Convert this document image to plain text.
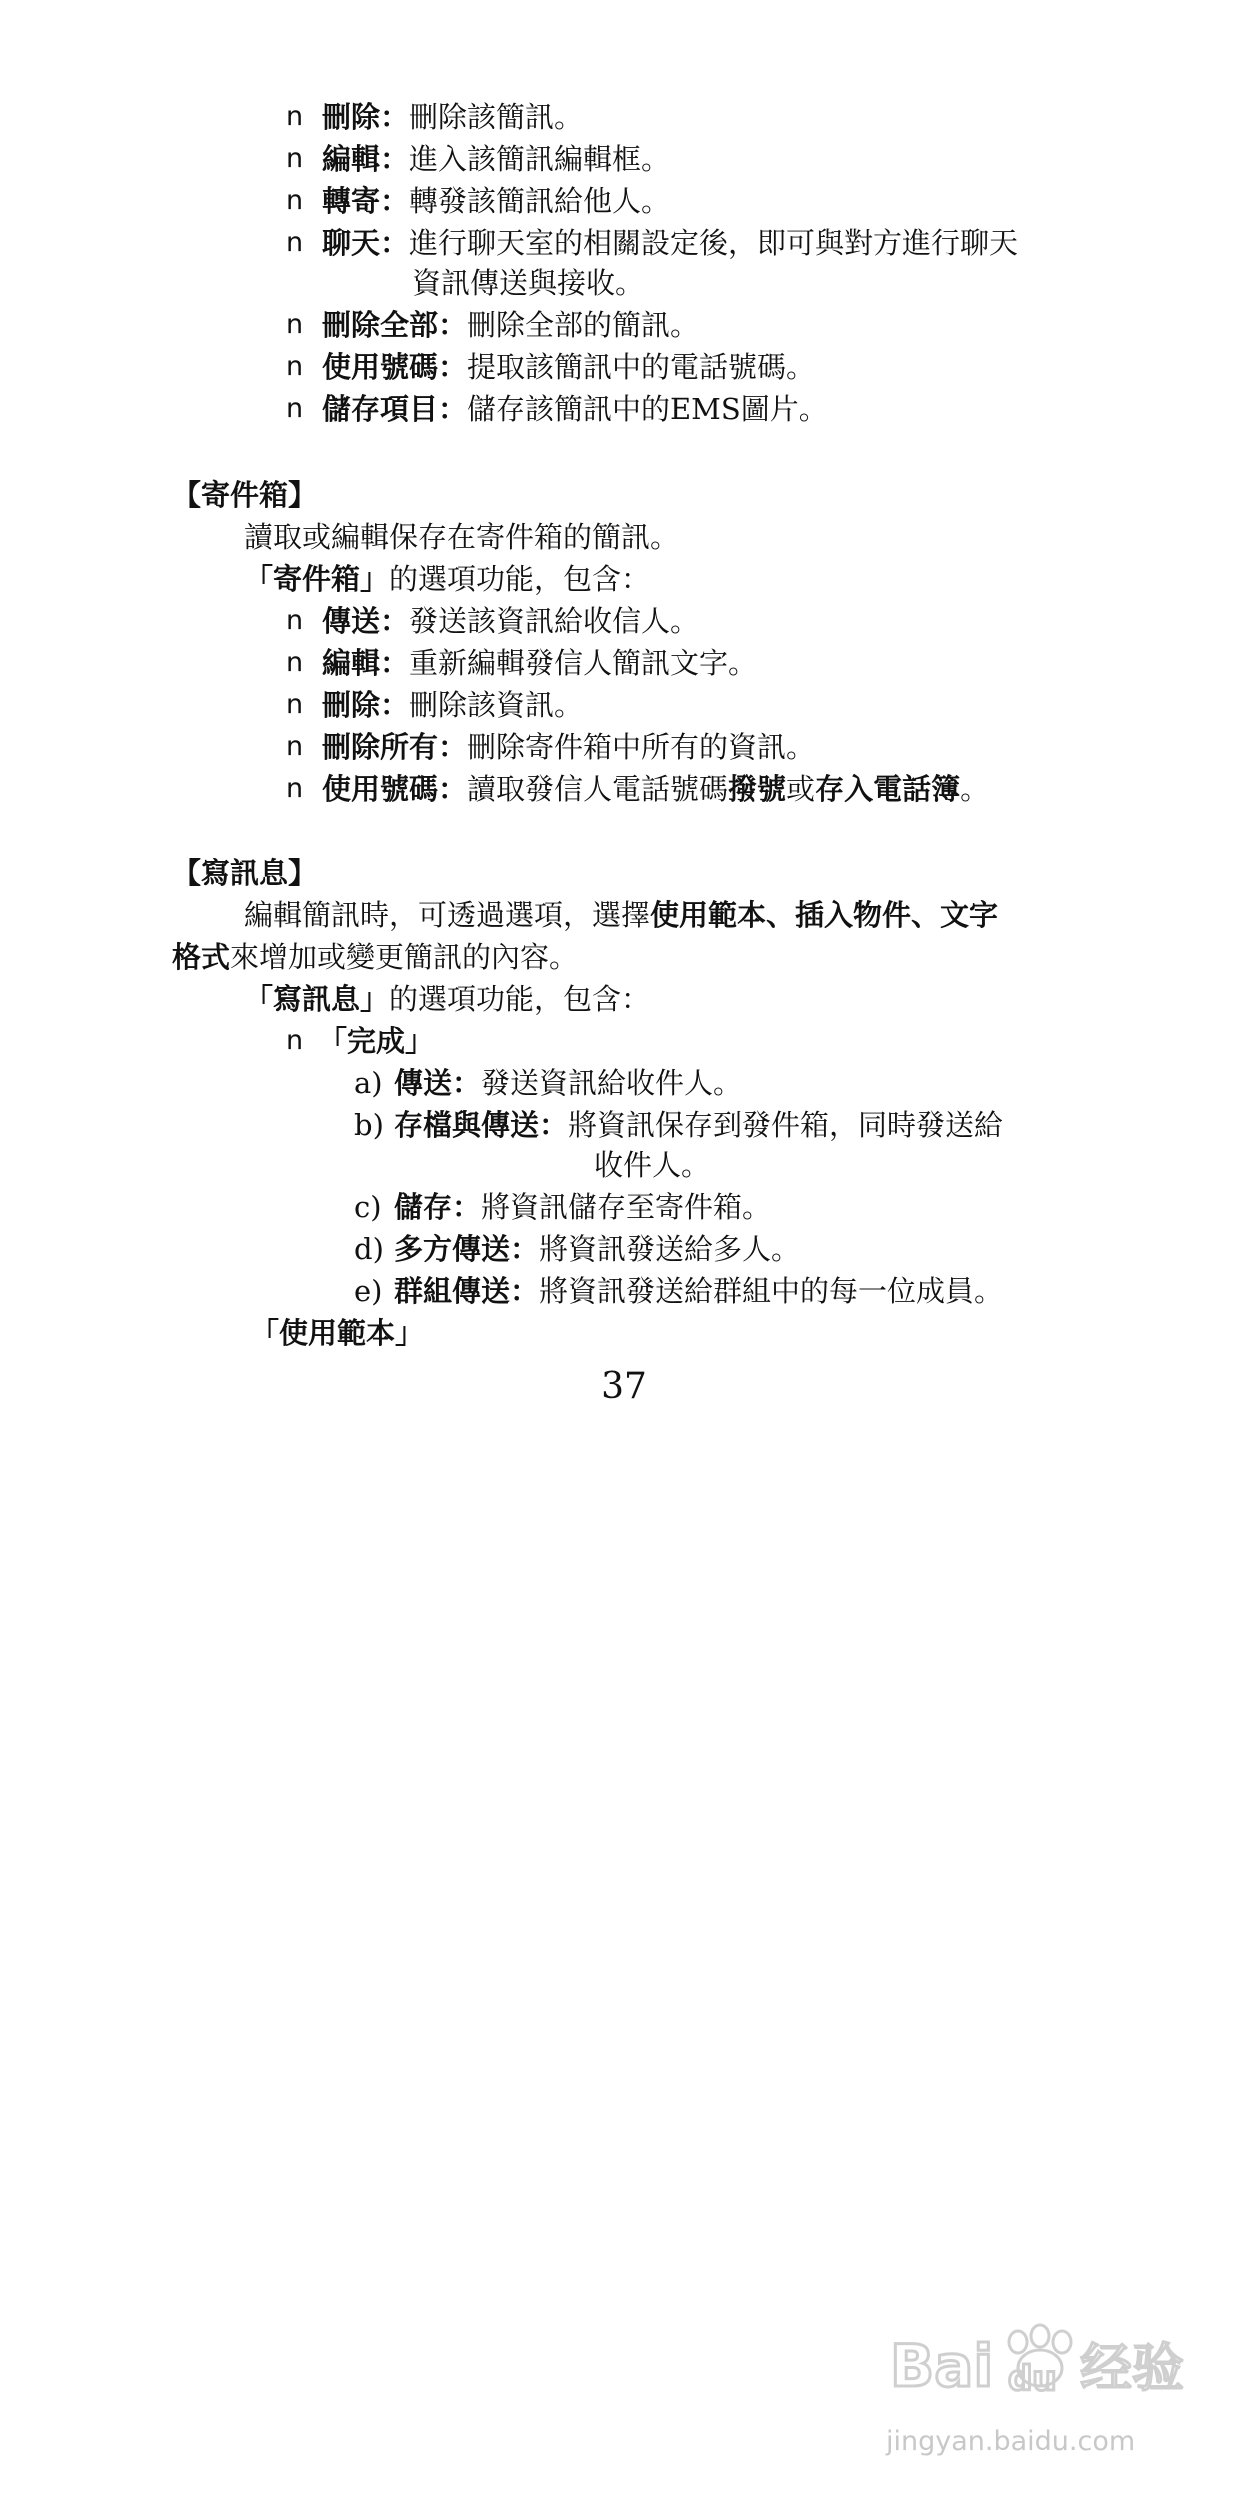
n 刪除：刪除該簡訊。
n 編輯：進入該簡訊編輯框。
n 轉寄：轉發該簡訊給他人。
n 聊天：進行聊天室的相關設定後，即可與對方進行聊天
資訊傳送與接收。
n 刪除全部：刪除全部的簡訊。
n 使用號碼：提取該簡訊中的電話號碼。
n 儲存項目：儲存該簡訊中的EMS圖片。
【寄件箱】
讀取或編輯保存在寄件箱的簡訊。
「寄件箱」的選項功能，包含：
n 傳送：發送該資訊給收信人。
n 編輯：重新編輯發信人簡訊文字。
n 刪除：刪除該資訊。
n 刪除所有：刪除寄件箱中所有的資訊。
n 使用號碼：讀取發信人電話號碼撥號或存入電話簿。
【寫訊息】
編輯簡訊時，可透過選項，選擇使用範本、插入物件、文字
格式來增加或變更簡訊的內容。
「寫訊息」的選項功能，包含：
n 「完成」
a) 傳送：發送資訊給收件人。
b) 存檔與傳送：將資訊保存到發件箱，同時發送給
收件人。
c) 儲存：將資訊儲存至寄件箱。
d) 多方傳送：將資訊發送給多人。
e) 群組傳送：將資訊發送給群組中的每一位成員。
「使用範本」
37
Bai du 经验
jingyan.baidu.com
